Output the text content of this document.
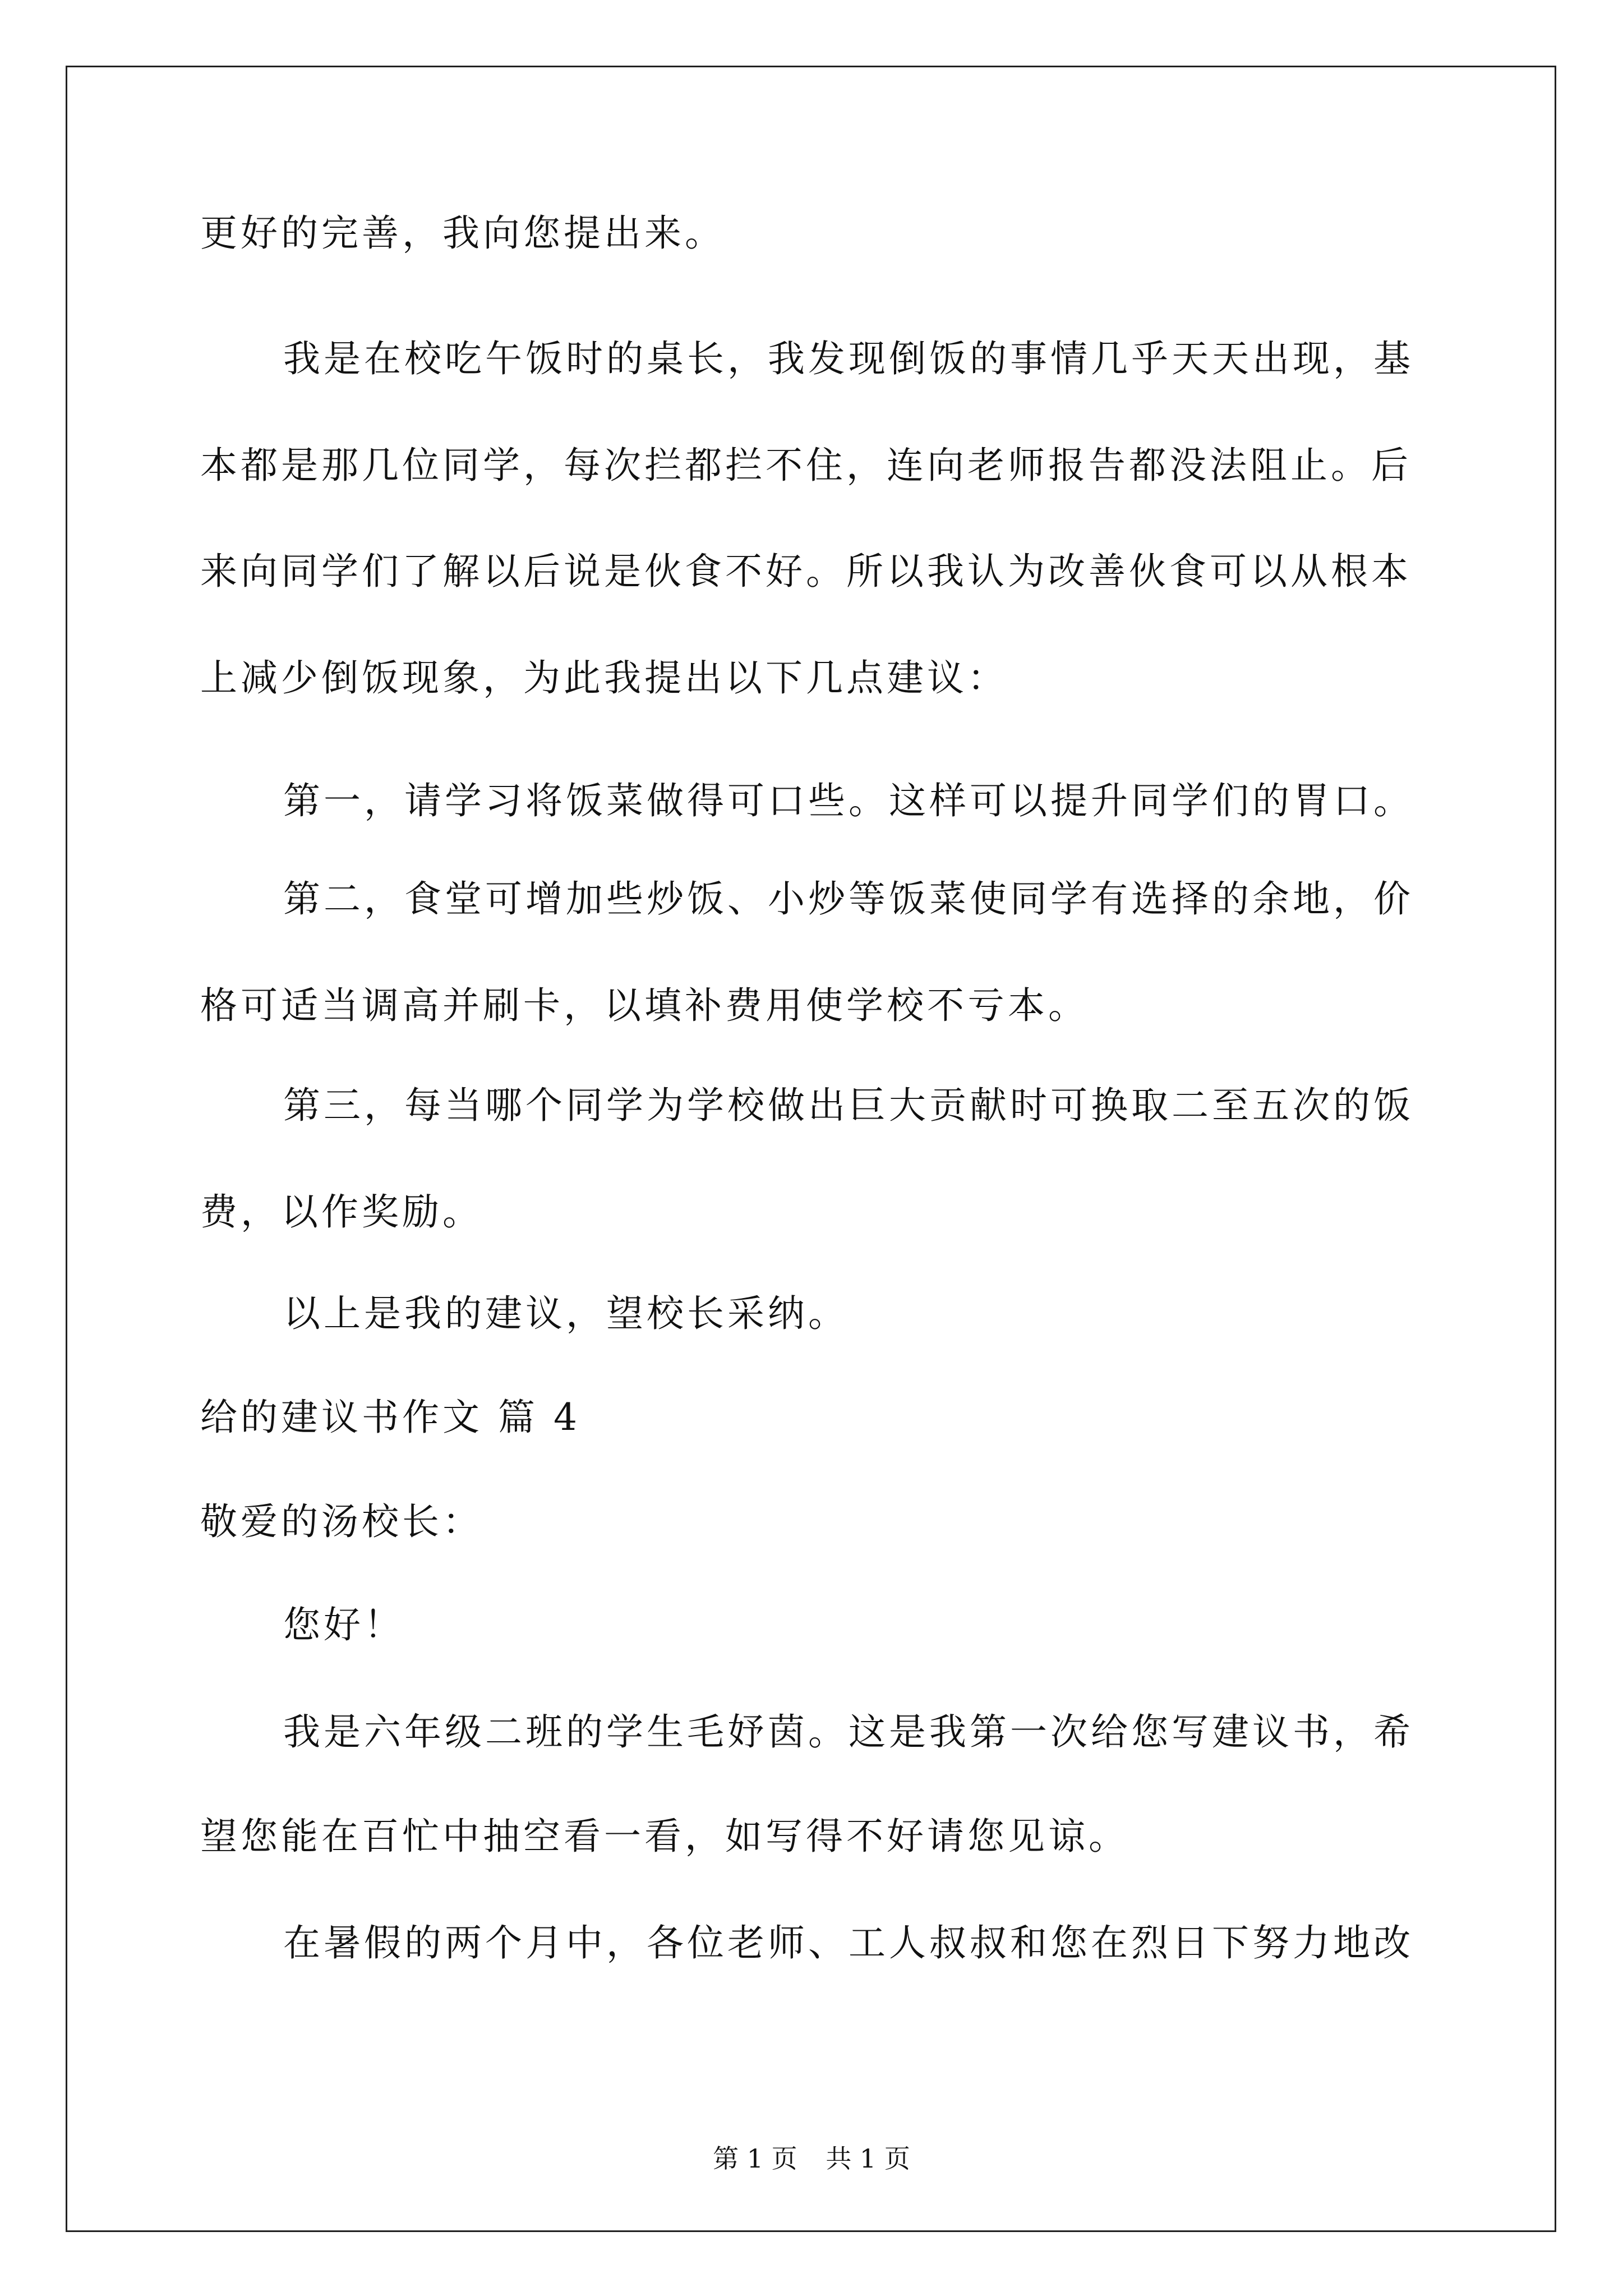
更好的完善，我向您提出来。
我是在校吃午饭时的桌长，我发现倒饭的事情几乎天天出现，基
本都是那几位同学，每次拦都拦不住，连向老师报告都没法阻止。后
来向同学们了解以后说是伙食不好。所以我认为改善伙食可以从根本
上减少倒饭现象，为此我提出以下几点建议：
第一，请学习将饭菜做得可口些。这样可以提升同学们的胃口。
第二，食堂可增加些炒饭、小炒等饭菜使同学有选择的余地，价
格可适当调高并刷卡，以填补费用使学校不亏本。
第三，每当哪个同学为学校做出巨大贡献时可换取二至五次的饭
费，以作奖励。
以上是我的建议，望校长采纳。
给的建议书作文 篇 4
敬爱的汤校长：
您好！
我是六年级二班的学生毛妤茵。这是我第一次给您写建议书，希
望您能在百忙中抽空看一看，如写得不好请您见谅。
在暑假的两个月中，各位老师、工人叔叔和您在烈日下努力地改
第 1 页 共 1 页
